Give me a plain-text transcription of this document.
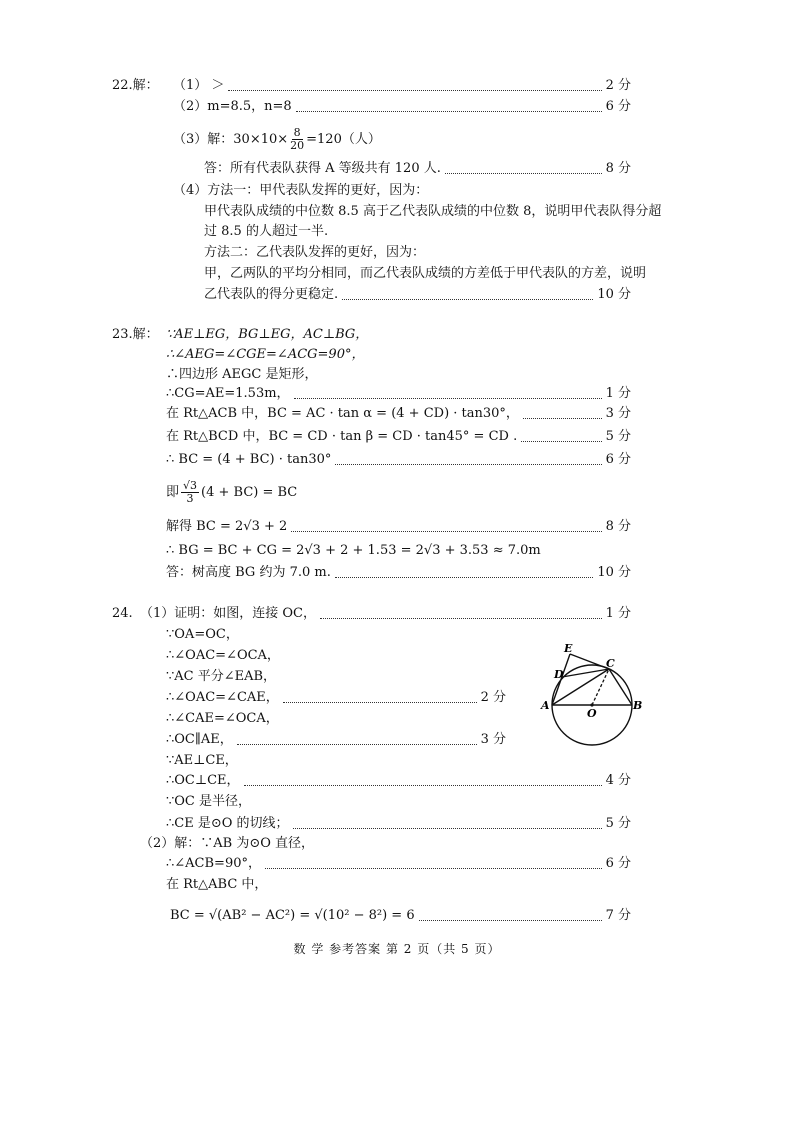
22.解： （1） ＞	2 分
（2）m=8.5，n=8	6 分
（3）解：$30\times 10\times \frac{8}{20} =120$（人）
答：所有代表队获得 A 等级共有 120 人.	8 分
（4）方法一：甲代表队发挥的更好，因为：
甲代表队成绩的中位数 8.5 高于乙代表队成绩的中位数 8，说明甲代表队得分超
过 8.5 的人超过一半.
方法二：乙代表队发挥的更好，因为：
甲，乙两队的平均分相同，而乙代表队成绩的方差低于甲代表队的方差，说明
乙代表队的得分更稳定.	10 分
23.解： ∵AE⊥EG，BG⊥EG，AC⊥BG，
∴∠AEG=∠CGE=∠ACG=90°，
∴四边形 AEGC 是矩形，
∴CG=AE=1.53m，	1 分
在 Rt△ACB 中，BC = AC · tan α = (4 + CD) · tan30°，	3 分
在 Rt△BCD 中，BC = CD · tan β = CD · tan45° = CD .	5 分
∴ BC = (4 + BC) · tan30°	6 分
即 $\frac{√3}{3} (4 + BC)$ = BC
解得 BC = 2√3 + 2	8 分
∴ BG = BC + CG = 2√3 + 2 + 1.53 = 2√3 + 3.53 ≈ 7.0m
答：树高度 BG 约为 7.0 m.	10 分
24. （1）证明：如图，连接 OC，	1 分
∵OA=OC，
∴∠OAC=∠OCA，
∵AC 平分∠EAB，
∴∠OAC=∠CAE，	2 分
∴∠CAE=∠OCA，
∴OC∥AE，	3 分
∵AE⊥CE，
∴OC⊥CE，	4 分
∵OC 是半径，
∴CE 是⊙O 的切线；	5 分
（2）解：∵AB 为⊙O 直径，
∴∠ACB=90°，	6 分
在 Rt△ABC 中，
BC = √(AB² − AC²) = √(10² − 8²) = 6	7 分
E
D
C
A
O
B
数 学 参考答案 第 2 页（共 5 页）
